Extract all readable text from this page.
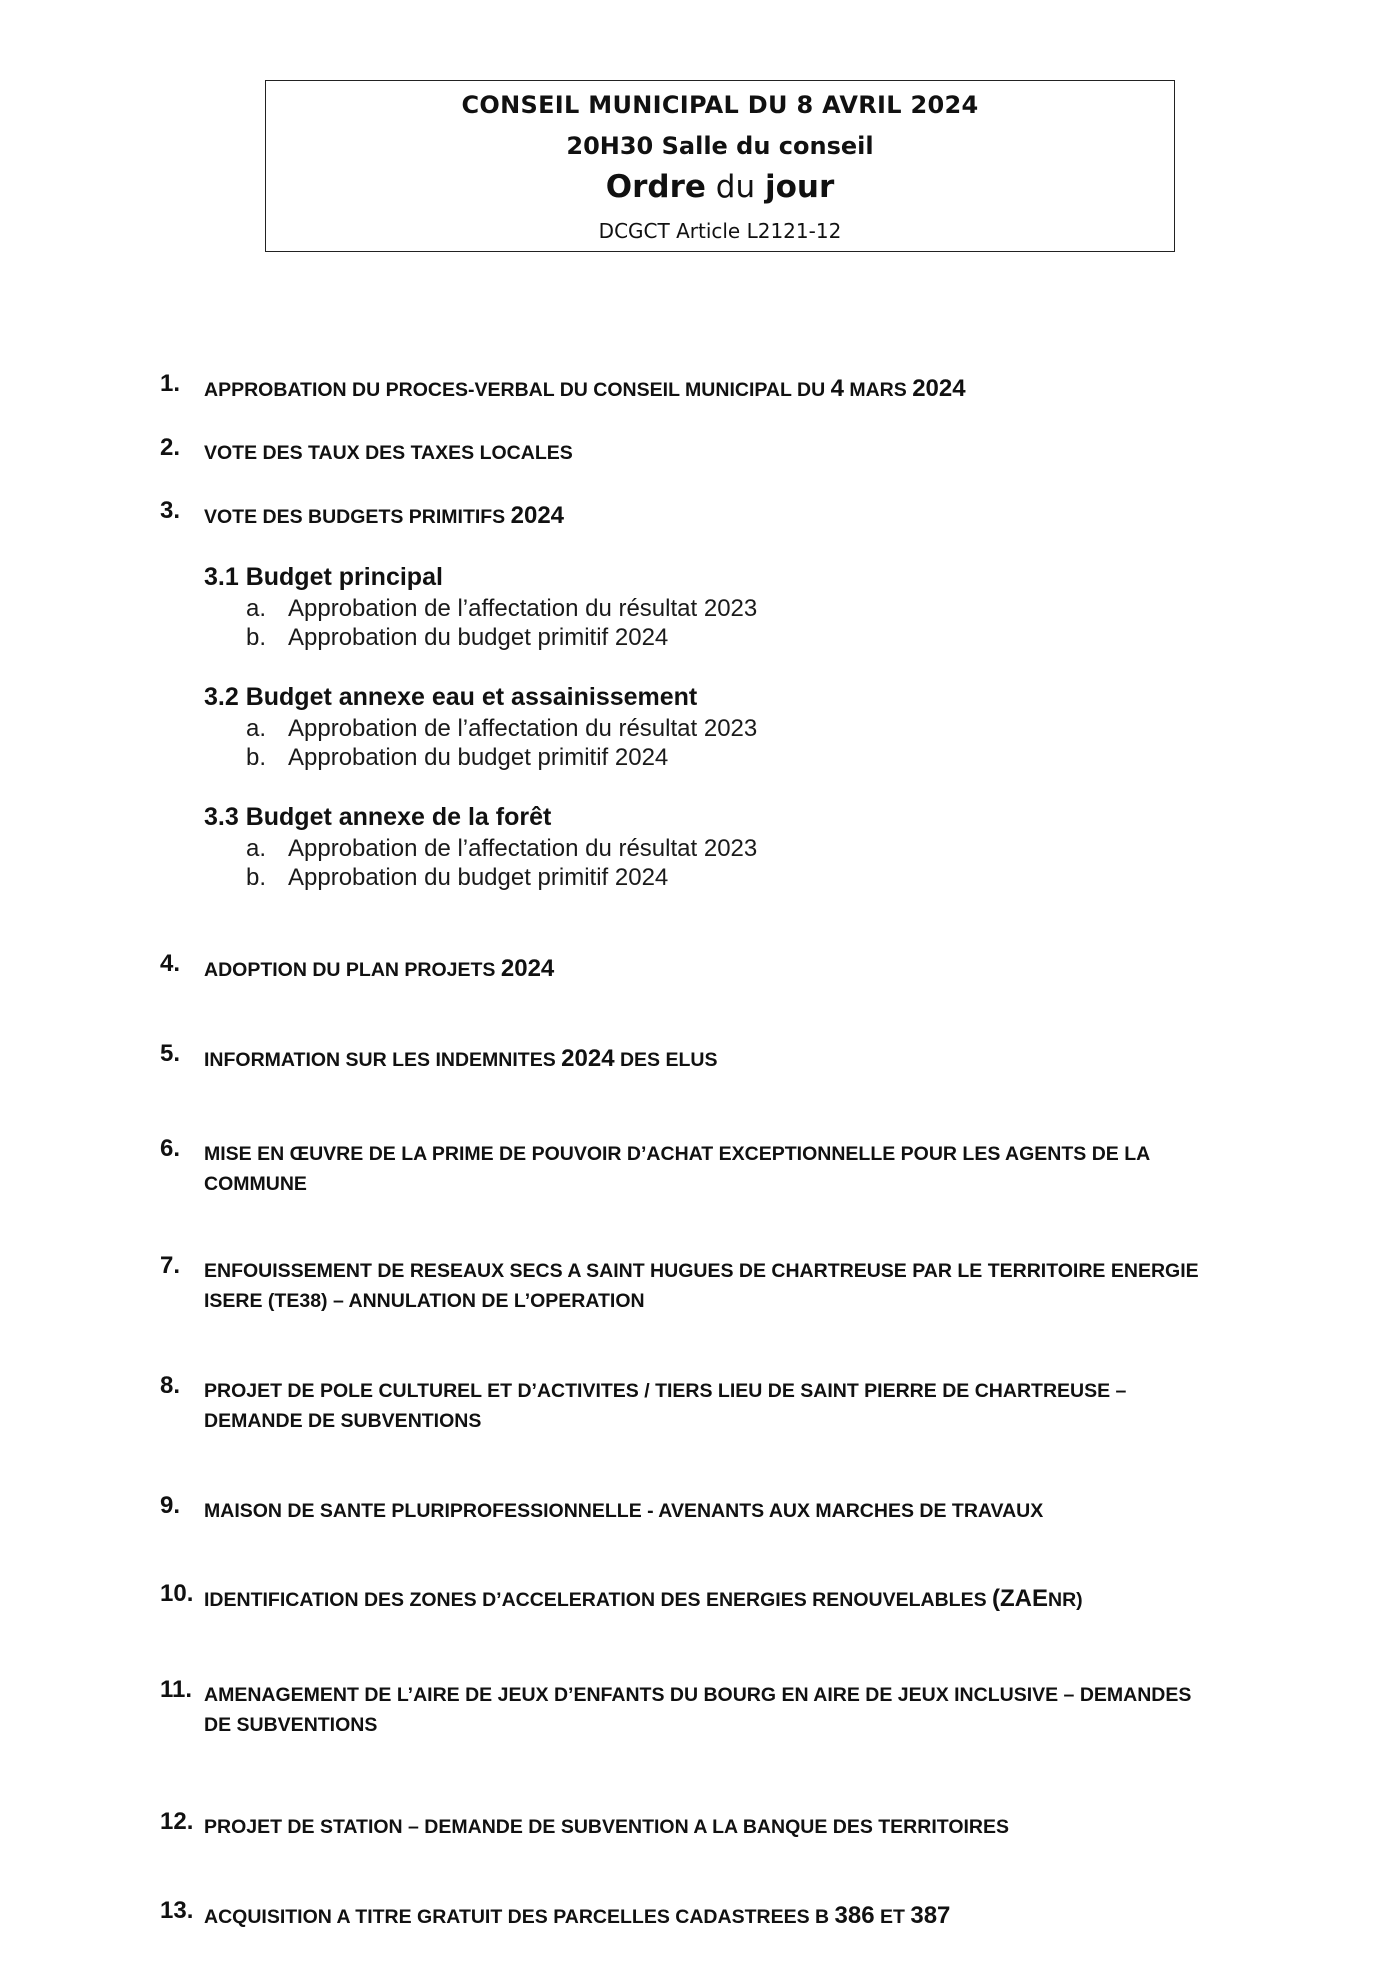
CONSEIL MUNICIPAL DU 8 AVRIL 2024
20H30 Salle du conseil
Ordre du jour
DCGCT Article L2121-12
1. APPROBATION DU PROCES-VERBAL DU CONSEIL MUNICIPAL DU 4 MARS 2024
2. VOTE DES TAUX DES TAXES LOCALES
3. VOTE DES BUDGETS PRIMITIFS 2024
3.1 Budget principal
a. Approbation de l’affectation du résultat 2023
b. Approbation du budget primitif 2024
3.2 Budget annexe eau et assainissement
a. Approbation de l’affectation du résultat 2023
b. Approbation du budget primitif 2024
3.3 Budget annexe de la forêt
a. Approbation de l’affectation du résultat 2023
b. Approbation du budget primitif 2024
4. ADOPTION DU PLAN PROJETS 2024
5. INFORMATION SUR LES INDEMNITES 2024 DES ELUS
6. MISE EN ŒUVRE DE LA PRIME DE POUVOIR D’ACHAT EXCEPTIONNELLE POUR LES AGENTS DE LA
COMMUNE
7. ENFOUISSEMENT DE RESEAUX SECS A SAINT HUGUES DE CHARTREUSE PAR LE TERRITOIRE ENERGIE
ISERE (TE38) – ANNULATION DE L’OPERATION
8. PROJET DE POLE CULTUREL ET D’ACTIVITES / TIERS LIEU DE SAINT PIERRE DE CHARTREUSE –
DEMANDE DE SUBVENTIONS
9. MAISON DE SANTE PLURIPROFESSIONNELLE - AVENANTS AUX MARCHES DE TRAVAUX
10. IDENTIFICATION DES ZONES D’ACCELERATION DES ENERGIES RENOUVELABLES (ZAENR)
11. AMENAGEMENT DE L’AIRE DE JEUX D’ENFANTS DU BOURG EN AIRE DE JEUX INCLUSIVE – DEMANDES
DE SUBVENTIONS
12. PROJET DE STATION – DEMANDE DE SUBVENTION A LA BANQUE DES TERRITOIRES
13. ACQUISITION A TITRE GRATUIT DES PARCELLES CADASTREES B 386 ET 387
